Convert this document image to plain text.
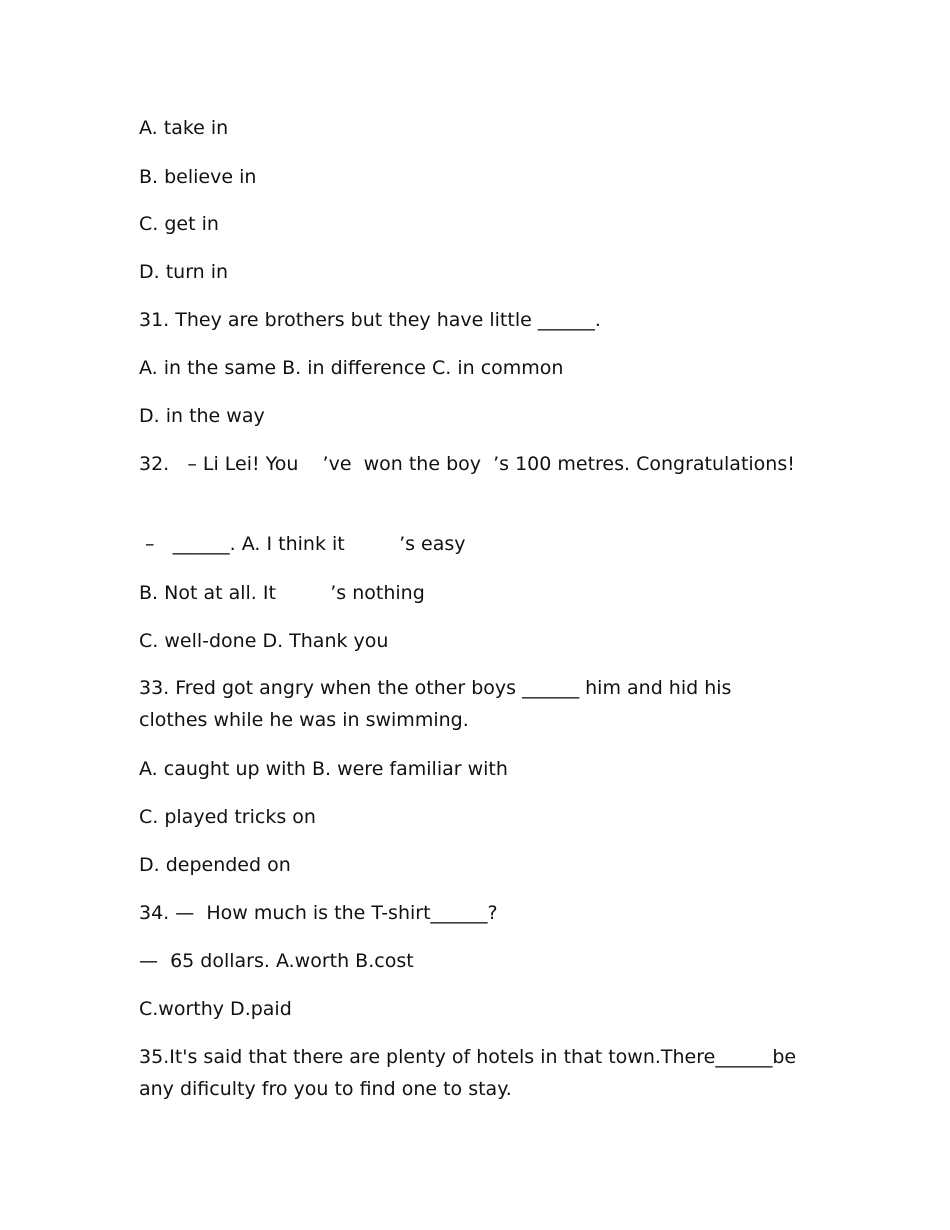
A. take in

B. believe in

C. get in

D. turn in

31. They are brothers but they have little ______.

A. in the same B. in difference C. in common

D. in the way

32.   – Li Lei! You    ’ve  won the boy  ’s 100 metres. Congratulations!

–   ______. A. I think it         ’s easy

B. Not at all. It         ’s nothing

C. well-done D. Thank you

33. Fred got angry when the other boys ______ him and hid his clothes while he was in swimming.

A. caught up with B. were familiar with

C. played tricks on

D. depended on

34. —  How much is the T-shirt______?

—  65 dollars. A.worth B.cost

C.worthy D.paid

35.It's said that there are plenty of hotels in that town.There______be any dificulty fro you to find one to stay.
